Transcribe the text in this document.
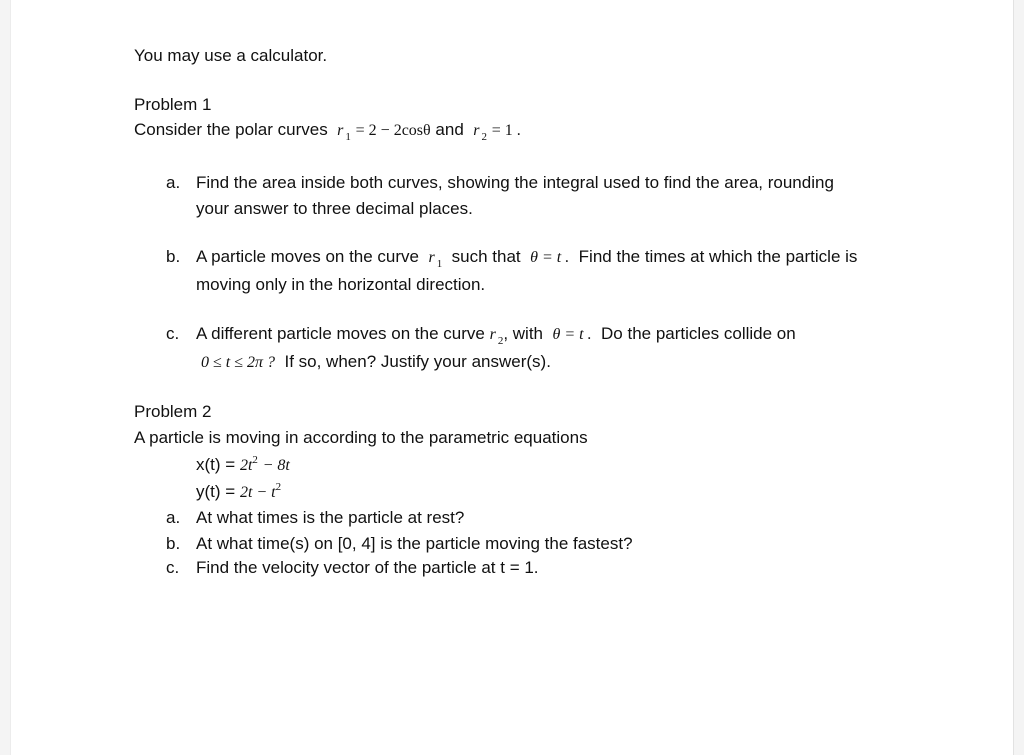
You may use a calculator.
Problem 1
Consider the polar curves r $_1$ = 2 − 2cosθ and r $_2$ = 1 .
a. Find the area inside both curves, showing the integral used to find the area, rounding
your answer to three decimal places.
b. A particle moves on the curve r $_1$ such that θ = t . Find the times at which the particle is
moving only in the horizontal direction.
c. A different particle moves on the curve r $_2$, with θ = t . Do the particles collide on
0 ≤ t ≤ 2π ? If so, when? Justify your answer(s).
Problem 2
A particle is moving in according to the parametric equations
$x(t) = 2t^2 - 8t$
$y(t) = 2t - t^2$
a. At what times is the particle at rest?
b. At what time(s) on [0, 4] is the particle moving the fastest?
c. Find the velocity vector of the particle at t = 1.
